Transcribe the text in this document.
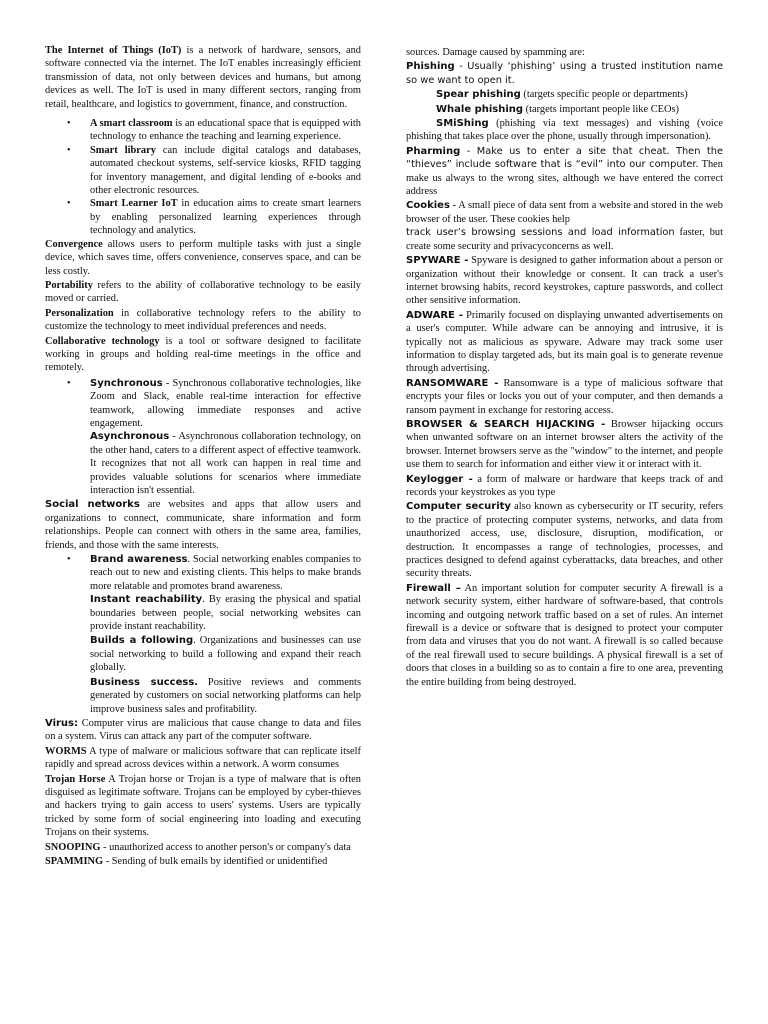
The Internet of Things (IoT) is a network of hardware, sensors, and software connected via the internet. The IoT enables increasingly efficient transmission of data, not only between devices and humans, but among devices as well. The IoT is used in many different sectors, ranging from retail, healthcare, and logistics to government, finance, and construction.

• A smart classroom is an educational space that is equipped with technology to enhance the teaching and learning experience.
• Smart library can include digital catalogs and databases, automated checkout systems, self-service kiosks, RFID tagging for inventory management, and digital lending of e-books and other electronic resources.
• Smart Learner IoT in education aims to create smart learners by enabling personalized learning experiences through technology and analytics.

Convergence allows users to perform multiple tasks with just a single device, which saves time, offers convenience, conserves space, and can be less costly.

Portability refers to the ability of collaborative technology to be easily moved or carried.

Personalization in collaborative technology refers to the ability to customize the technology to meet individual preferences and needs.

Collaborative technology is a tool or software designed to facilitate working in groups and holding real-time meetings in the office and remotely.

• Synchronous - Synchronous collaborative technologies, like Zoom and Slack, enable real-time interaction for effective teamwork, allowing immediate responses and active engagement.

Asynchronous - Asynchronous collaboration technology, on the other hand, caters to a different aspect of effective teamwork. It recognizes that not all work can happen in real time and provides valuable solutions for scenarios where immediate interaction isn't essential.

Social networks are websites and apps that allow users and organizations to connect, communicate, share information and form relationships. People can connect with others in the same area, families, friends, and those with the same interests.

• Brand awareness. Social networking enables companies to reach out to new and existing clients. This helps to make brands more relatable and promotes brand awareness.

Instant reachability. By erasing the physical and spatial boundaries between people, social networking websites can provide instant reachability.

Builds a following. Organizations and businesses can use social networking to build a following and expand their reach globally.

Business success. Positive reviews and comments generated by customers on social networking platforms can help improve business sales and profitability.

Virus: Computer virus are malicious that cause change to data and files on a system. Virus can attack any part of the computer software.

WORMS A type of malware or malicious software that can replicate itself rapidly and spread across devices within a network. A worm consumes

Trojan Horse A Trojan horse or Trojan is a type of malware that is often disguised as legitimate software. Trojans can be employed by cyber-thieves and hackers trying to gain access to users' systems. Users are typically tricked by some form of social engineering into loading and executing Trojans on their systems.

SNOOPING - unauthorized access to another person's or company's data

SPAMMING - Sending of bulk emails by identified or unidentified

sources. Damage caused by spamming are:

Phishing - Usually ‘phishing’ using a trusted institution name so we want to open it.

Spear phishing (targets specific people or departments)

Whale phishing (targets important people like CEOs)

SMiShing (phishing via text messages) and vishing (voice phishing that takes place over the phone, usually through impersonation).

Pharming - Make us to enter a site that cheat. Then the “thieves” include software that is “evil” into our computer. Then make us always to the wrong sites, although we have entered the correct address

Cookies - A small piece of data sent from a website and stored in the web browser of the user. These cookies help
track user’s browsing sessions and load information faster, but create some security and privacyconcerns as well.

SPYWARE - Spyware is designed to gather information about a person or organization without their knowledge or consent. It can track a user's internet browsing habits, record keystrokes, capture passwords, and collect other sensitive information.

ADWARE - Primarily focused on displaying unwanted advertisements on a user's computer. While adware can be annoying and intrusive, it is typically not as malicious as spyware. Adware may track some user information to display targeted ads, but its main goal is to generate revenue through advertising.

RANSOMWARE - Ransomware is a type of malicious software that encrypts your files or locks you out of your computer, and then demands a ransom payment in exchange for restoring access.

BROWSER & SEARCH HIJACKING - Browser hijacking occurs when unwanted software on an internet browser alters the activity of the browser. Internet browsers serve as the "window" to the internet, and people use them to search for information and either view it or interact with it.

Keylogger - a form of malware or hardware that keeps track of and records your keystrokes as you type

Computer security also known as cybersecurity or IT security, refers to the practice of protecting computer systems, networks, and data from unauthorized access, use, disclosure, disruption, modification, or destruction. It encompasses a range of technologies, processes, and practices designed to defend against cyberattacks, data breaches, and other security threats.

Firewall – An important solution for computer security A firewall is a network security system, either hardware of software-based, that controls incoming and outgoing network traffic based on a set of rules. An internet firewall is a device or software that is designed to protect your computer from data and viruses that you do not want. A firewall is so called because of the real firewall used to secure buildings. A physical firewall is a set of doors that closes in a building so as to contain a fire to one area, preventing the entire building from being destroyed.
